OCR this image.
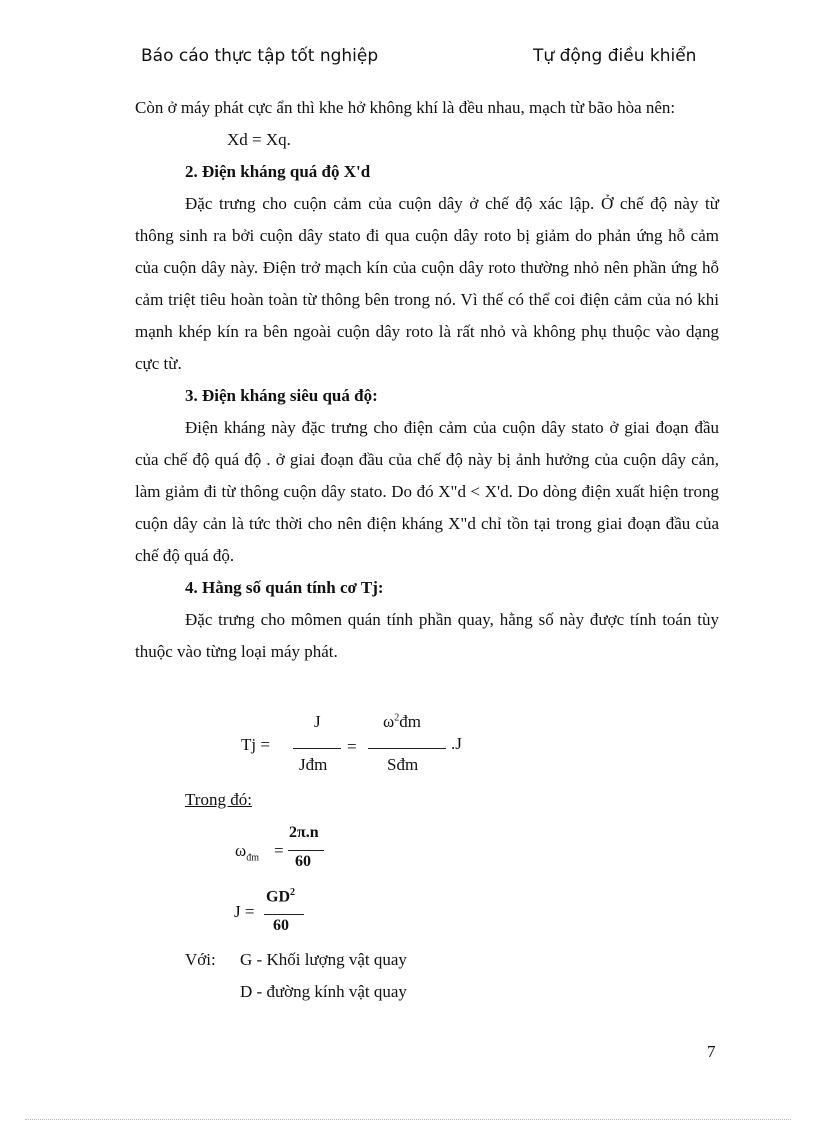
Báo cáo thực tập tốt nghiệp	Tự động điều khiển

Còn ở máy phát cực ẩn thì khe hở không khí là đều nhau, mạch từ bão hòa nên:

Xd = Xq.

2. Điện kháng quá độ X'd

Đặc trưng cho cuộn cảm của cuộn dây ở chế độ xác lập. Ở chế độ này từ thông sinh ra bởi cuộn dây stato đi qua cuộn dây roto bị giảm do phản ứng hỗ cảm của cuộn dây này. Điện trở mạch kín của cuộn dây roto thường nhỏ nên phần ứng hỗ cảm triệt tiêu hoàn toàn từ thông bên trong nó. Vì thế có thể coi điện cảm của nó khi mạnh khép kín ra bên ngoài cuộn dây roto là rất nhỏ và không phụ thuộc vào dạng cực từ.

3. Điện kháng siêu quá độ:

Điện kháng này đặc trưng cho điện cảm của cuộn dây stato ở giai đoạn đầu của chế độ quá độ . ở giai đoạn đầu của chế độ này bị ảnh hưởng của cuộn dây cản, làm giảm đi từ thông cuộn dây stato. Do đó X"d < X'd. Do dòng điện xuất hiện trong cuộn dây cản là tức thời cho nên điện kháng X"d chỉ tồn tại trong giai đoạn đầu của chế độ quá độ.

4. Hằng số quán tính cơ Tj:

Đặc trưng cho mômen quán tính phần quay, hằng số này được tính toán tùy thuộc vào từng loại máy phát.

Tj =
J
Jđm
=
$\omega^2đm$
Sđm
.J
Trong đó:
$\omega_{đm}$ =
2π.n
60
J =
$GD^2$
60
Với: G - Khối lượng vật quay
D - đường kính vật quay
7
